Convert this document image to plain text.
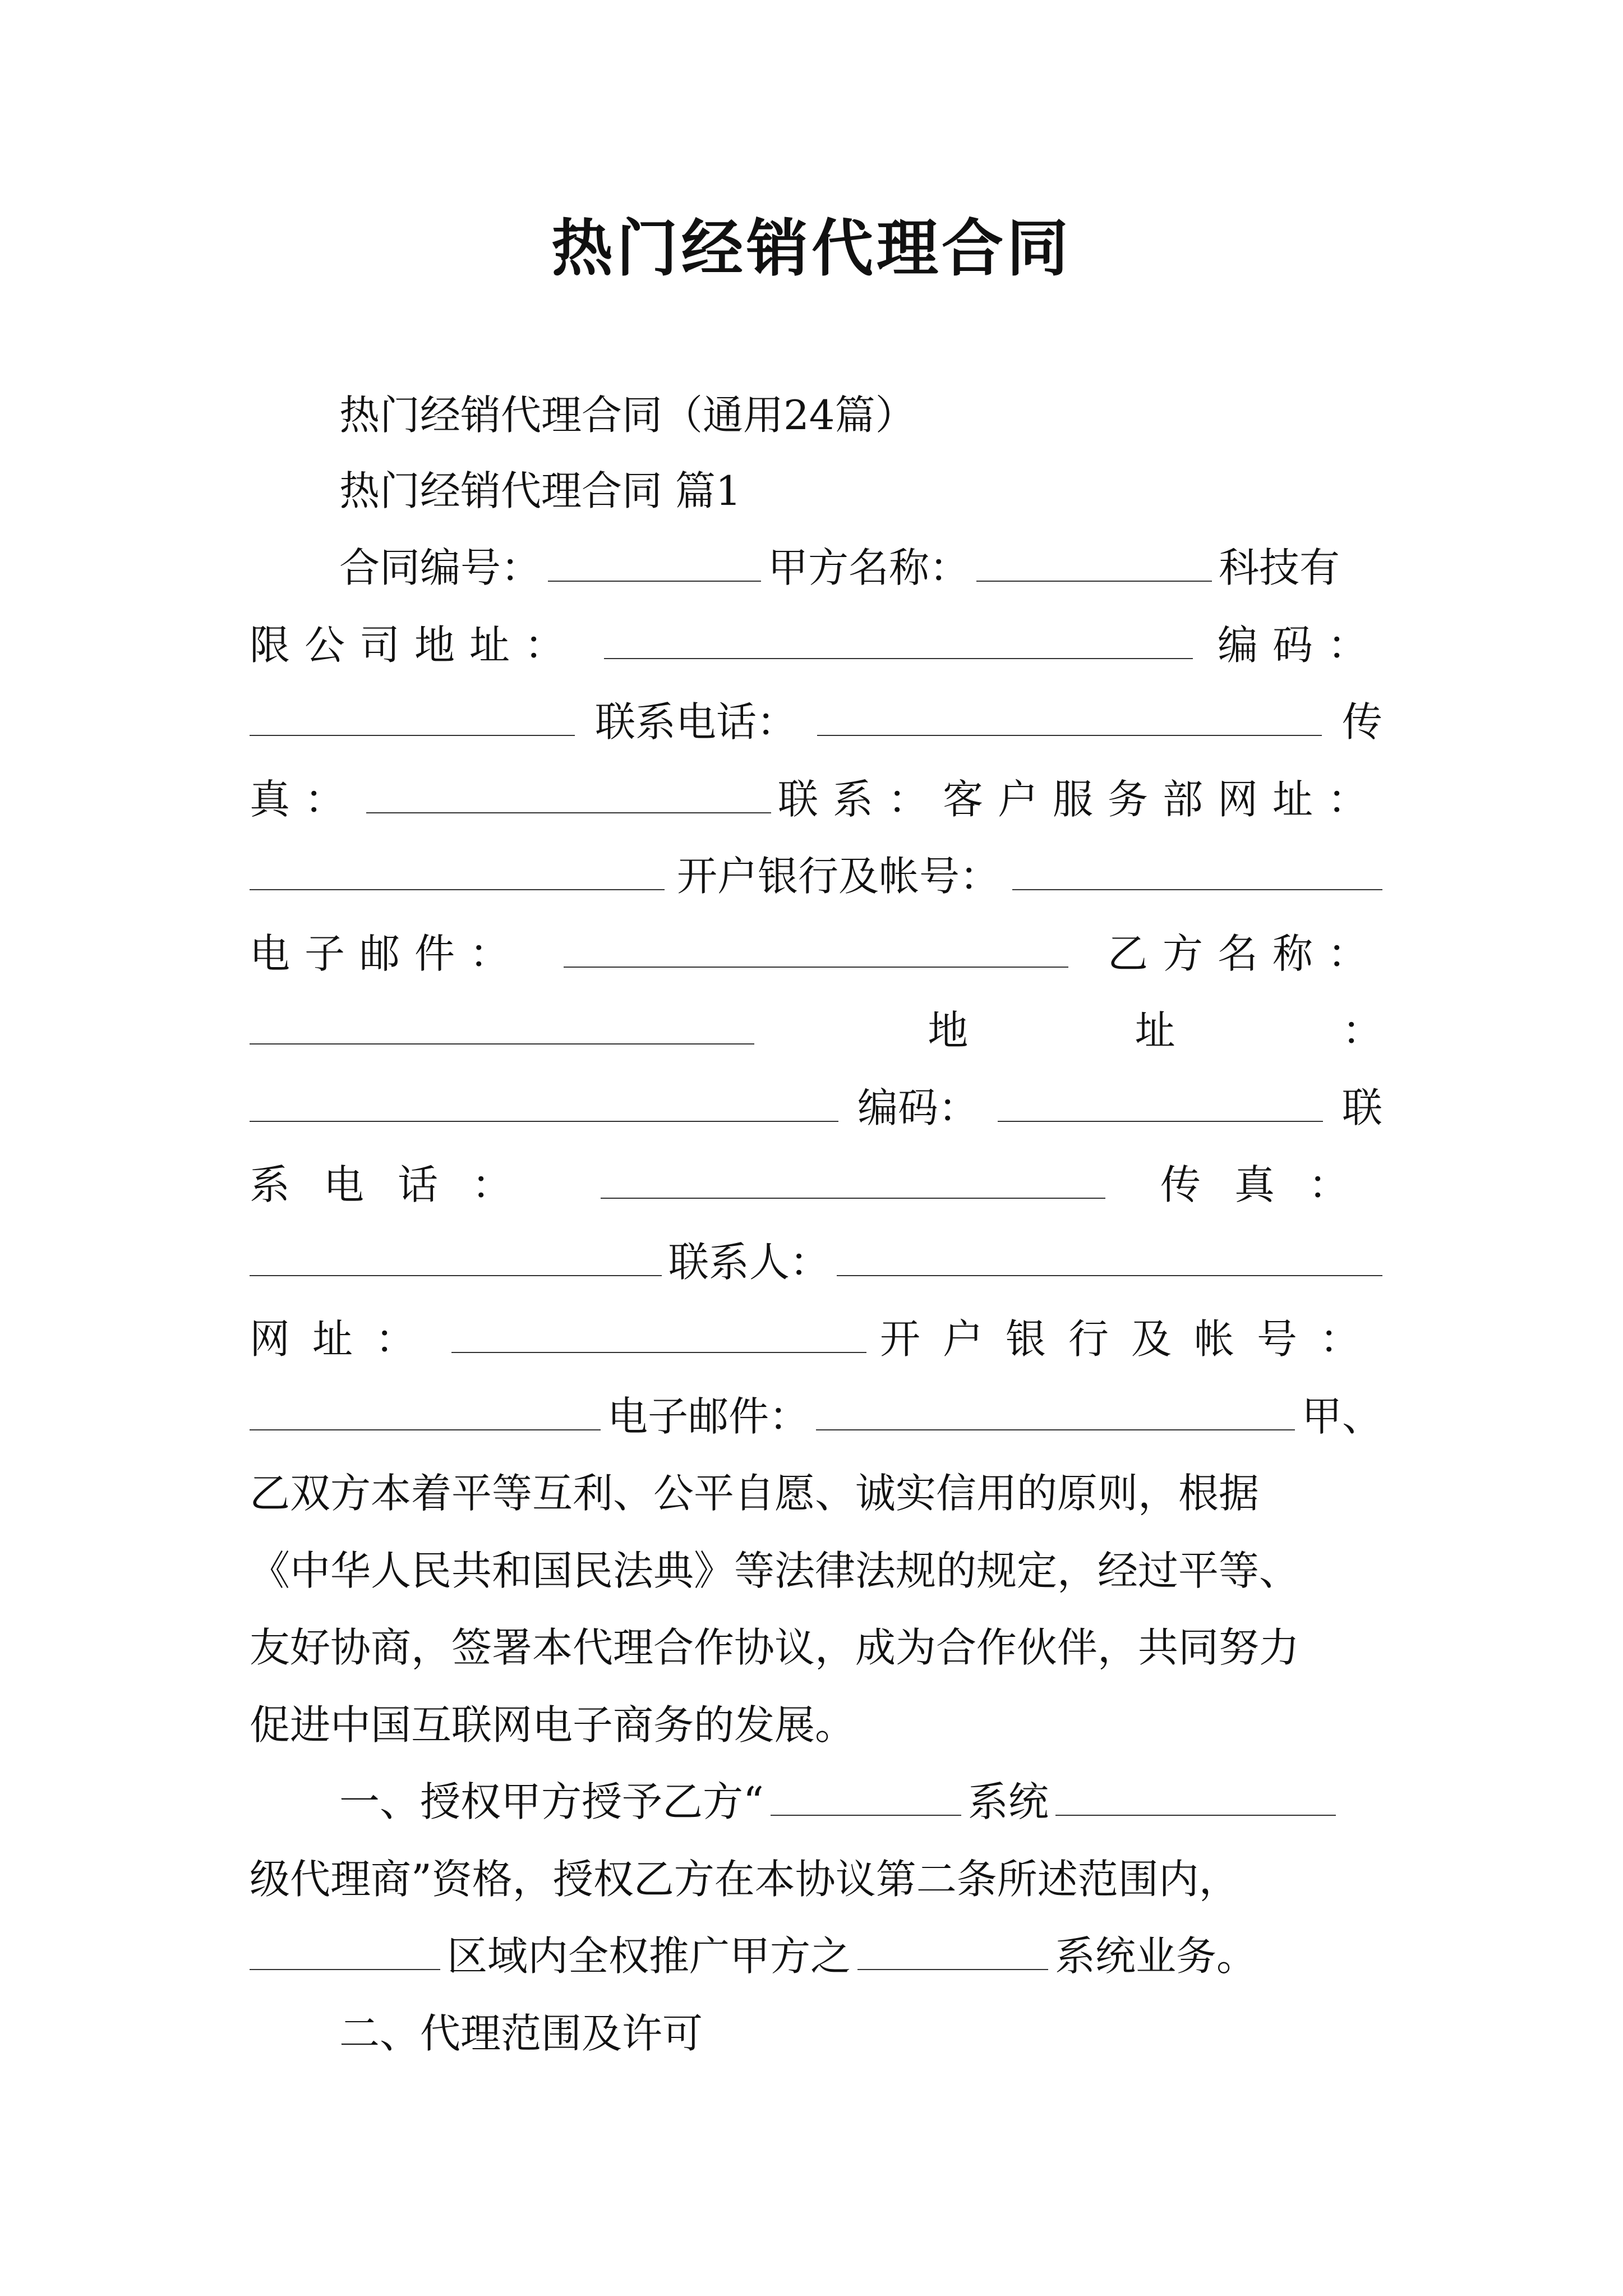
热门经销代理合同
热门经销代理合同（通用24篇）
热门经销代理合同 篇1
合同编号：	甲方名称：	科技有
限公司地址：	编码：
联系电话：	传
真：	联系：客户服务部 网址：
开户银行及帐号：
电子邮件：	乙方名称：
地	址	：
编码：	联
系电话：	传真：
联系人：
网址：	开户银行及帐号：
电子邮件：	甲、
乙双方本着平等互利、公平自愿、诚实信用的原则，根据
《中华人民共和国民法典》等法律法规的规定，经过平等、
友好协商，签署本代理合作协议，成为合作伙伴，共同努力
促进中国互联网电子商务的发展。
一、授权甲方授予乙方“	系统
级代理商”资格，授权乙方在本协议第二条所述范围内，
区域内全权推广甲方之	系统业务。
二、代理范围及许可
